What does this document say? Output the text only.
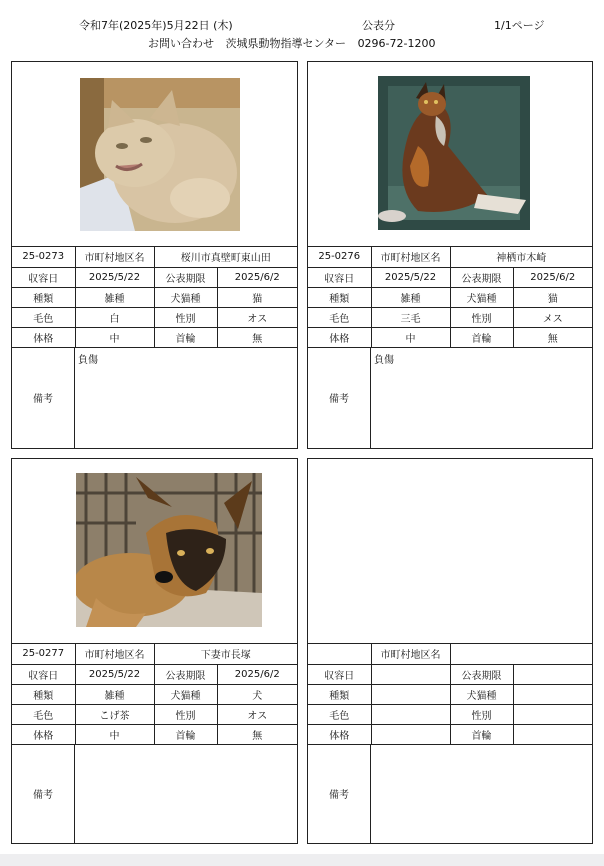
令和7年(2025年)5月22日 (木)	公表分	1/1ページ
お問い合わせ 茨城県動物指導センター 0296-72-1200
25-0273	市町村地区名	桜川市真壁町東山田	
収容日	2025/5/22	公表期限	2025/6/2
種類	雑種	犬猫種	猫
毛色	白	性別	オス
体格	中	首輪	無
備考
負傷
25-0276	市町村地区名	神栖市木崎	
収容日	2025/5/22	公表期限	2025/6/2
種類	雑種	犬猫種	猫
毛色	三毛	性別	メス
体格	中	首輪	無
備考
負傷
25-0277	市町村地区名	下妻市長塚	
収容日	2025/5/22	公表期限	2025/6/2
種類	雑種	犬猫種	犬
毛色	こげ茶	性別	オス
体格	中	首輪	無
備考
	市町村地区名		
収容日		公表期限	
種類		犬猫種	
毛色		性別	
体格		首輪	
備考
